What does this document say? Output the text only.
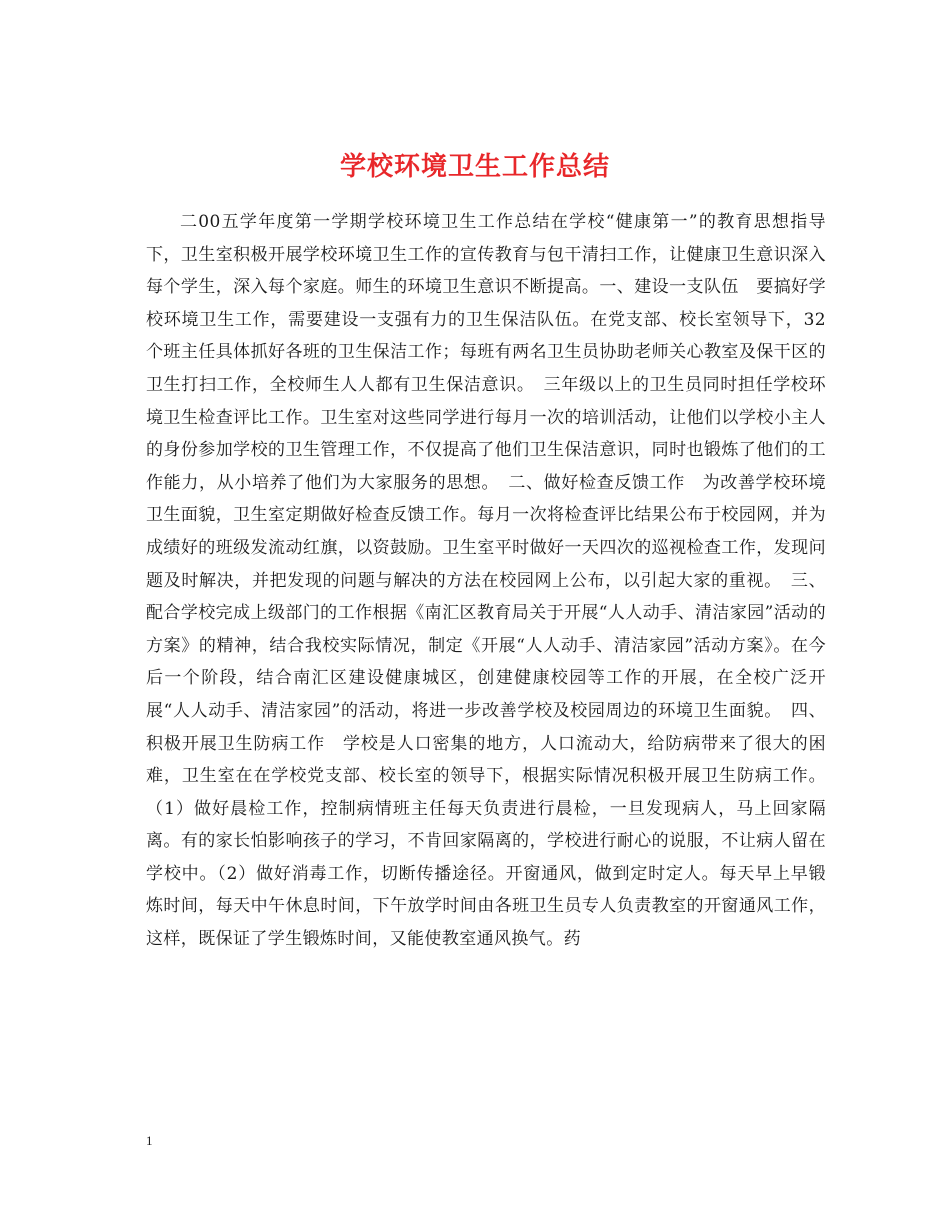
学校环境卫生工作总结

二00五学年度第一学期学校环境卫生工作总结在学校“健康第一”的教育思想指导下，卫生室积极开展学校环境卫生工作的宣传教育与包干清扫工作，让健康卫生意识深入每个学生，深入每个家庭。师生的环境卫生意识不断提高。一、建设一支队伍　要搞好学校环境卫生工作，需要建设一支强有力的卫生保洁队伍。在党支部、校长室领导下，32个班主任具体抓好各班的卫生保洁工作；每班有两名卫生员协助老师关心教室及保干区的卫生打扫工作，全校师生人人都有卫生保洁意识。　三年级以上的卫生员同时担任学校环境卫生检查评比工作。卫生室对这些同学进行每月一次的培训活动，让他们以学校小主人的身份参加学校的卫生管理工作，不仅提高了他们卫生保洁意识，同时也锻炼了他们的工作能力，从小培养了他们为大家服务的思想。　二、做好检查反馈工作　为改善学校环境卫生面貌，卫生室定期做好检查反馈工作。每月一次将检查评比结果公布于校园网，并为成绩好的班级发流动红旗，以资鼓励。卫生室平时做好一天四次的巡视检查工作，发现问题及时解决，并把发现的问题与解决的方法在校园网上公布，以引起大家的重视。　三、配合学校完成上级部门的工作根据《南汇区教育局关于开展“人人动手、清洁家园”活动的方案》的精神，结合我校实际情况，制定《开展“人人动手、清洁家园”活动方案》。在今后一个阶段，结合南汇区建设健康城区，创建健康校园等工作的开展，在全校广泛开展“人人动手、清洁家园”的活动，将进一步改善学校及校园周边的环境卫生面貌。　四、积极开展卫生防病工作　学校是人口密集的地方，人口流动大，给防病带来了很大的困难，卫生室在在学校党支部、校长室的领导下，根据实际情况积极开展卫生防病工作。（1）做好晨检工作，控制病情班主任每天负责进行晨检，一旦发现病人，马上回家隔离。有的家长怕影响孩子的学习，不肯回家隔离的，学校进行耐心的说服，不让病人留在学校中。（2）做好消毒工作，切断传播途径。开窗通风，做到定时定人。每天早上早锻炼时间，每天中午休息时间，下午放学时间由各班卫生员专人负责教室的开窗通风工作，这样，既保证了学生锻炼时间，又能使教室通风换气。药

1
